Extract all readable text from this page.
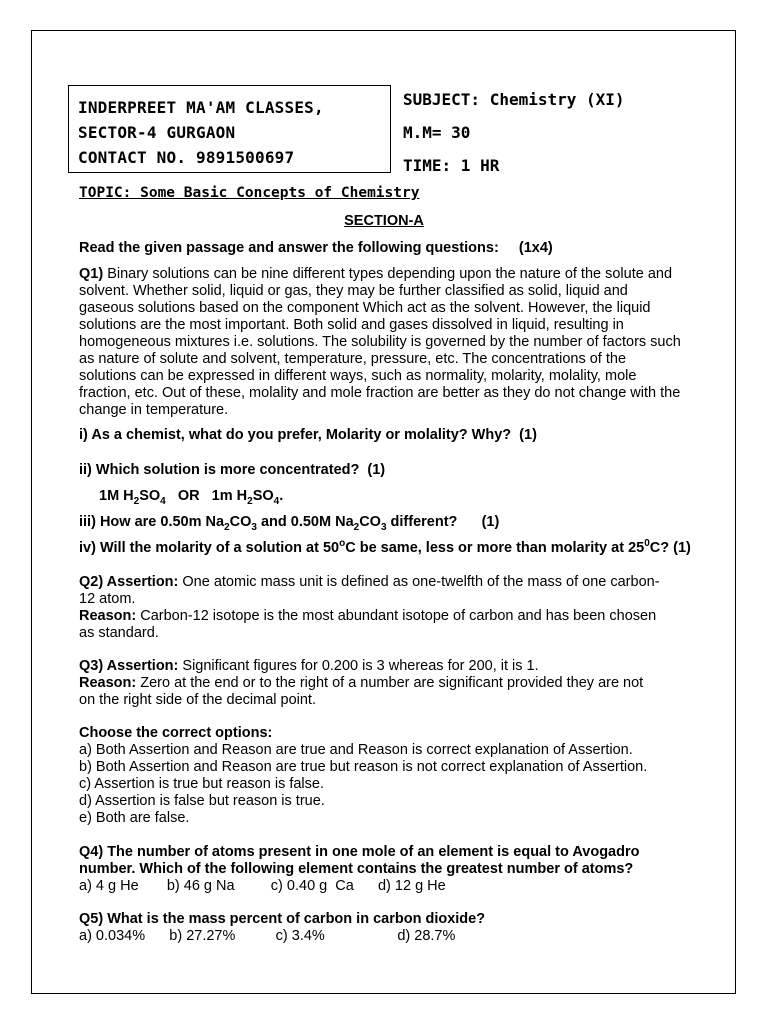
INDERPREET MA'AM CLASSES,
SECTOR-4 GURGAON
CONTACT NO. 9891500697
SUBJECT: Chemistry (XI)
M.M= 30
TIME: 1 HR
TOPIC: Some Basic Concepts of Chemistry
SECTION-A
Read the given passage and answer the following questions:     (1x4)
Q1) Binary solutions can be nine different types depending upon the nature of the solute and
solvent. Whether solid, liquid or gas, they may be further classified as solid, liquid and
gaseous solutions based on the component Which act as the solvent. However, the liquid
solutions are the most important. Both solid and gases dissolved in liquid, resulting in
homogeneous mixtures i.e. solutions. The solubility is governed by the number of factors such
as nature of solute and solvent, temperature, pressure, etc. The concentrations of the
solutions can be expressed in different ways, such as normality, molarity, molality, mole
fraction, etc. Out of these, molality and mole fraction are better as they do not change with the
change in temperature.
i) As a chemist, what do you prefer, Molarity or molality? Why?  (1)
ii) Which solution is more concentrated?  (1)
1M $H_2SO_4$   OR   1m $H_2SO_4$.
iii) How are 0.50m $Na_2CO_3$ and 0.50M $Na_2CO_3$ different?      (1)
iv) Will the molarity of a solution at 50$^o$C be same, less or more than molarity at $25^0C$? (1)
Q2) Assertion: One atomic mass unit is defined as one-twelfth of the mass of one carbon-
12 atom.
Reason: Carbon-12 isotope is the most abundant isotope of carbon and has been chosen
as standard.
Q3) Assertion: Significant figures for 0.200 is 3 whereas for 200, it is 1.
Reason: Zero at the end or to the right of a number are significant provided they are not
on the right side of the decimal point.
Choose the correct options:
a) Both Assertion and Reason are true and Reason is correct explanation of Assertion.
b) Both Assertion and Reason are true but reason is not correct explanation of Assertion.
c) Assertion is true but reason is false.
d) Assertion is false but reason is true.
e) Both are false.
Q4) The number of atoms present in one mole of an element is equal to Avogadro
number. Which of the following element contains the greatest number of atoms?
a) 4 g He       b) 46 g Na         c) 0.40 g  Ca      d) 12 g He
Q5) What is the mass percent of carbon in carbon dioxide?
a) 0.034%      b) 27.27%          c) 3.4%                  d) 28.7%
